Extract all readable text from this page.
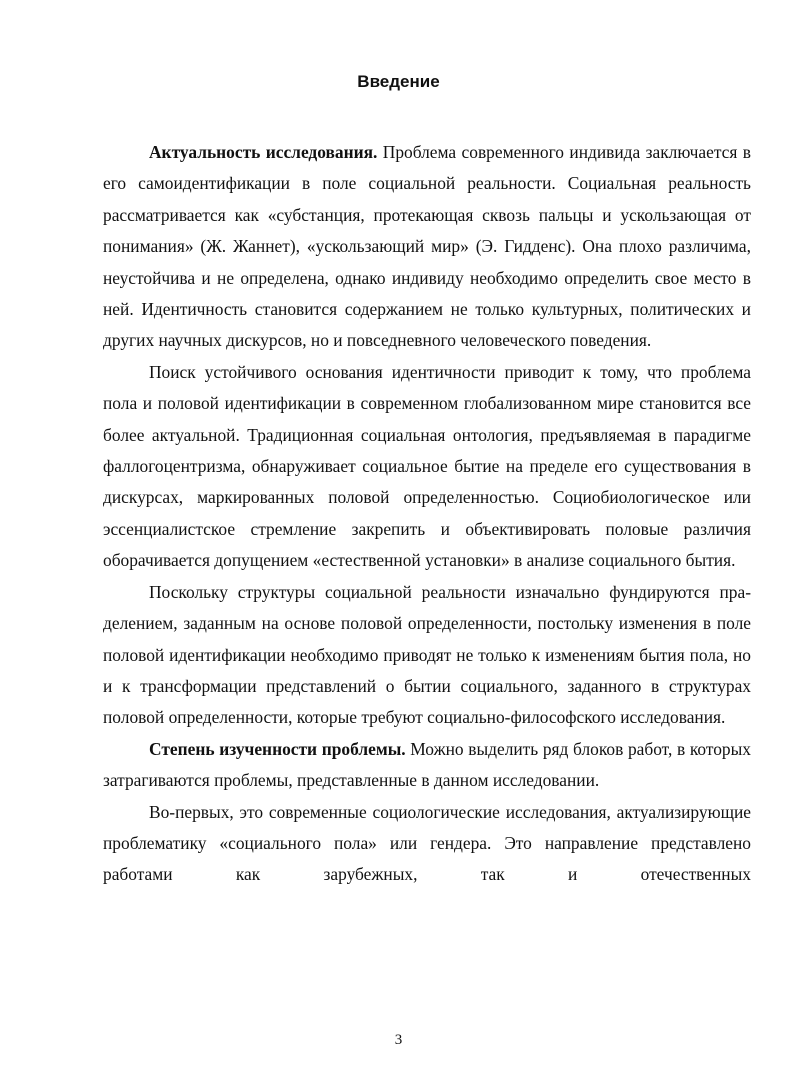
Введение

Актуальность исследования. Проблема современного индивида заключается в его самоидентификации в поле социальной реальности. Социальная реальность рассматривается как «субстанция, протекающая сквозь пальцы и ускользающая от понимания» (Ж. Жаннет), «ускользающий мир» (Э. Гидденс). Она плохо различима, неустойчива и не определена, однако индивиду необходимо определить свое место в ней. Идентичность становится содержанием не только культурных, политических и других научных дискурсов, но и повседневного человеческого поведения.

Поиск устойчивого основания идентичности приводит к тому, что проблема пола и половой идентификации в современном глобализованном мире становится все более актуальной. Традиционная социальная онтология, предъявляемая в парадигме фаллогоцентризма, обнаруживает социальное бытие на пределе его существования в дискурсах, маркированных половой определенностью. Социобиологическое или эссенциалистское стремление закрепить и объективировать половые различия оборачивается допущением «естественной установки» в анализе социального бытия.

Поскольку структуры социальной реальности изначально фундируются пра-делением, заданным на основе половой определенности, постольку изменения в поле половой идентификации необходимо приводят не только к изменениям бытия пола, но и к трансформации представлений о бытии социального, заданного в структурах половой определенности, которые требуют социально-философского исследования.

Степень изученности проблемы. Можно выделить ряд блоков работ, в которых затрагиваются проблемы, представленные в данном исследовании.

Во-первых, это современные социологические исследования, актуализирующие проблематику «социального пола» или гендера. Это направление представлено работами как зарубежных, так и отечественных

3
